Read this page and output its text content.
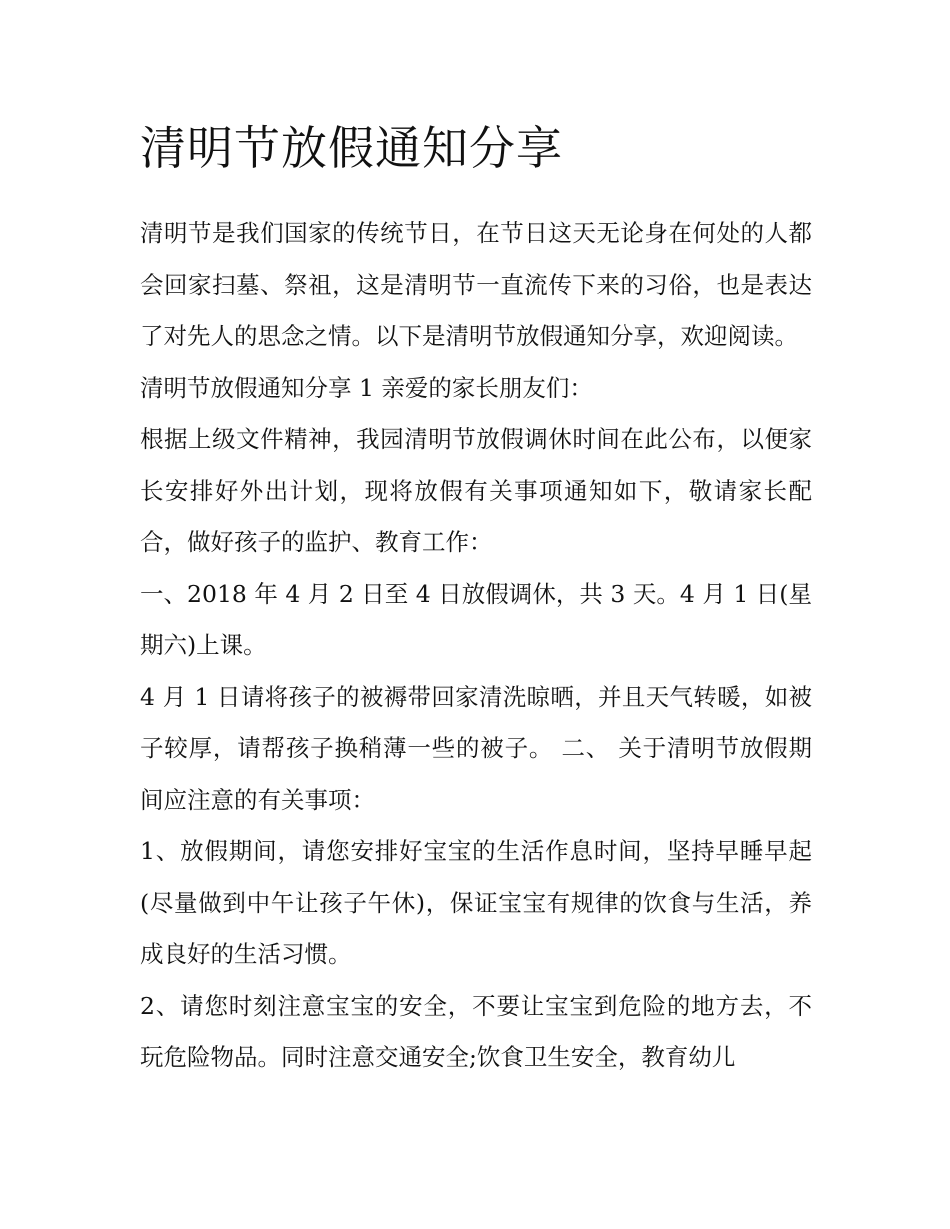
清明节放假通知分享

清明节是我们国家的传统节日，在节日这天无论身在何处的人都会回家扫墓、祭祖，这是清明节一直流传下来的习俗，也是表达了对先人的思念之情。以下是清明节放假通知分享，欢迎阅读。

清明节放假通知分享 1 亲爱的家长朋友们：

根据上级文件精神，我园清明节放假调休时间在此公布，以便家长安排好外出计划，现将放假有关事项通知如下，敬请家长配合，做好孩子的监护、教育工作：

一、2018 年 4 月 2 日至 4 日放假调休，共 3 天。4 月 1 日(星期六)上课。

4 月 1 日请将孩子的被褥带回家清洗晾晒，并且天气转暖，如被子较厚，请帮孩子换稍薄一些的被子。 二、 关于清明节放假期间应注意的有关事项：

1、放假期间，请您安排好宝宝的生活作息时间，坚持早睡早起(尽量做到中午让孩子午休)，保证宝宝有规律的饮食与生活，养成良好的生活习惯。

2、请您时刻注意宝宝的安全，不要让宝宝到危险的地方去，不玩危险物品。同时注意交通安全;饮食卫生安全，教育幼儿
